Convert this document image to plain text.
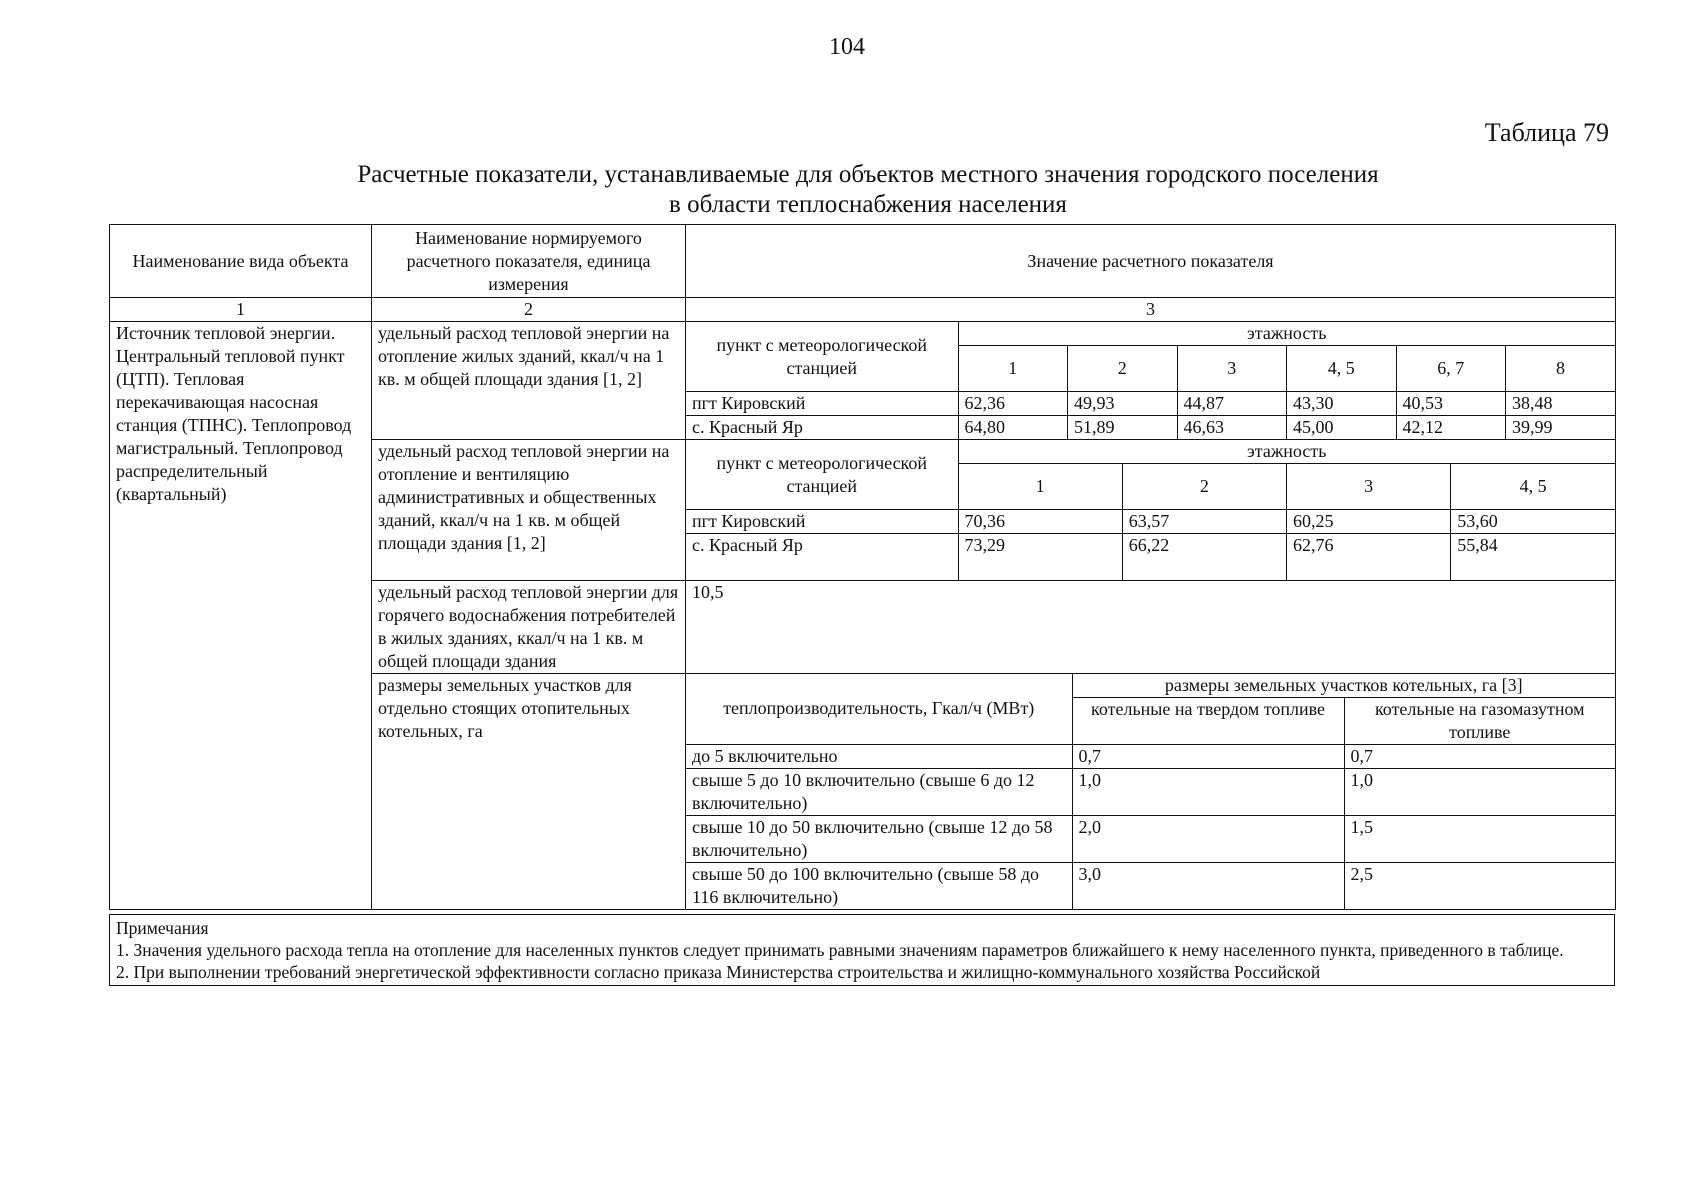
104
Таблица 79
Расчетные показатели, устанавливаемые для объектов местного значения городского поселения
в области теплоснабжения населения
Наименование вида объекта	Наименование нормируемого расчетного показателя, единица измерения	Значение расчетного показателя
1	2	3
Источник тепловой энергии. Центральный тепловой пункт (ЦТП). Тепловая перекачивающая насосная станция (ТПНС). Теплопровод магистральный. Теплопровод распределительный (квартальный)	удельный расход тепловой энергии на отопление жилых зданий, ккал/ч на 1 кв. м общей площади здания [1, 2]	
пункт с метеорологической станцией	этажность
1	2	3	4, 5	6, 7	8
пгт Кировский	62,36	49,93	44,87	43,30	40,53	38,48
с. Красный Яр	64,80	51,89	46,63	45,00	42,12	39,99

удельный расход тепловой энергии на отопление и вентиляцию административных и общественных зданий, ккал/ч на 1 кв. м общей площади здания [1, 2]	
пункт с метеорологической станцией	этажность
1	2	3	4, 5
пгт Кировский	70,36	63,57	60,25	53,60
с. Красный Яр	73,29	66,22	62,76	55,84

удельный расход тепловой энергии для горячего водоснабжения потребителей в жилых зданиях, ккал/ч на 1 кв. м общей площади здания	10,5
размеры земельных участков для отдельно стоящих отопительных котельных, га	
теплопроизводительность, Гкал/ч (МВт)	размеры земельных участков котельных, га [3]
котельные на твердом топливе	котельные на газомазутном топливе
до 5 включительно	0,7	0,7
свыше 5 до 10 включительно (свыше 6 до 12 включительно)	1,0	1,0
свыше 10 до 50 включительно (свыше 12 до 58 включительно)	2,0	1,5
свыше 50 до 100 включительно (свыше 58 до 116 включительно)	3,0	2,5
Примечания
1. Значения удельного расхода тепла на отопление для населенных пунктов следует принимать равными значениям параметров ближайшего к нему населенного пункта, приведенного в таблице.
2. При выполнении требований энергетической эффективности согласно приказа Министерства строительства и жилищно-коммунального хозяйства Российской
